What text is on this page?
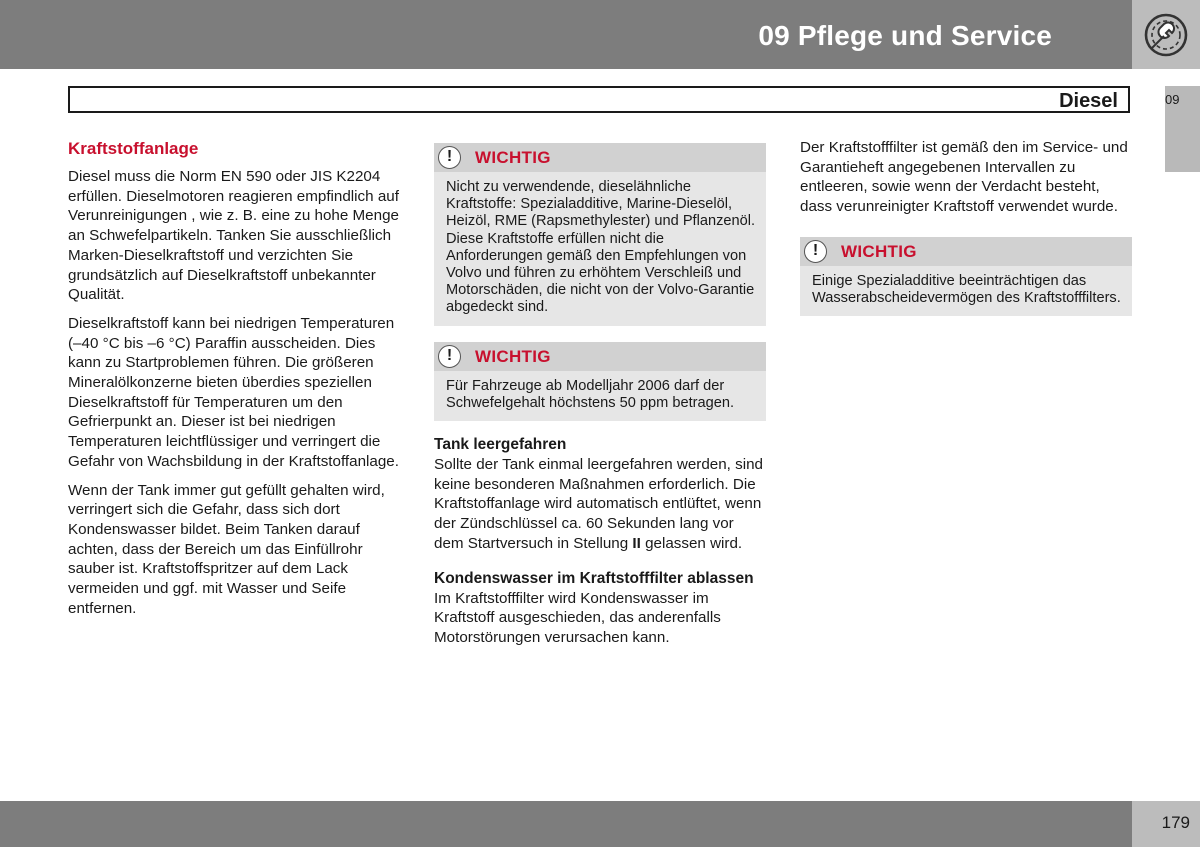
09 Pflege und Service
Diesel	09
Kraftstoffanlage

Diesel muss die Norm EN 590 oder JIS K2204 erfüllen. Dieselmotoren reagieren empfindlich auf Verunreinigungen , wie z. B. eine zu hohe Menge an Schwefelpartikeln. Tanken Sie ausschließlich Marken-Dieselkraftstoff und verzichten Sie grundsätzlich auf Dieselkraftstoff unbekannter Qualität.

Dieselkraftstoff kann bei niedrigen Temperaturen (–40 °C bis –6 °C) Paraffin ausscheiden. Dies kann zu Startproblemen führen. Die größeren Mineralölkonzerne bieten überdies speziellen Dieselkraftstoff für Temperaturen um den Gefrierpunkt an. Dieser ist bei niedrigen Temperaturen leichtflüssiger und verringert die Gefahr von Wachsbildung in der Kraftstoffanlage.

Wenn der Tank immer gut gefüllt gehalten wird, verringert sich die Gefahr, dass sich dort Kondenswasser bildet. Beim Tanken darauf achten, dass der Bereich um das Einfüllrohr sauber ist. Kraftstoffspritzer auf dem Lack vermeiden und ggf. mit Wasser und Seife entfernen.

!	WICHTIG
Nicht zu verwendende, dieselähnliche Kraftstoffe: Spezialadditive, Marine-Dieselöl, Heizöl, RME (Rapsmethylester) und Pflanzenöl. Diese Kraftstoffe erfüllen nicht die Anforderungen gemäß den Empfehlungen von Volvo und führen zu erhöhtem Verschleiß und Motorschäden, die nicht von der Volvo-Garantie abgedeckt sind.
!	WICHTIG
Für Fahrzeuge ab Modelljahr 2006 darf der Schwefelgehalt höchstens 50 ppm betragen.
Tank leergefahren

Sollte der Tank einmal leergefahren werden, sind keine besonderen Maßnahmen erforderlich. Die Kraftstoffanlage wird automatisch entlüftet, wenn der Zündschlüssel ca. 60 Sekunden lang vor dem Startversuch in Stellung II gelassen wird.

Kondenswasser im Kraftstofffilter ablassen

Im Kraftstofffilter wird Kondenswasser im Kraftstoff ausgeschieden, das anderenfalls Motorstörungen verursachen kann.

Der Kraftstofffilter ist gemäß den im Service- und Garantieheft angegebenen Intervallen zu entleeren, sowie wenn der Verdacht besteht, dass verunreinigter Kraftstoff verwendet wurde.

!	WICHTIG
Einige Spezialadditive beeinträchtigen das Wasserabscheidevermögen des Kraftstofffilters.
179
